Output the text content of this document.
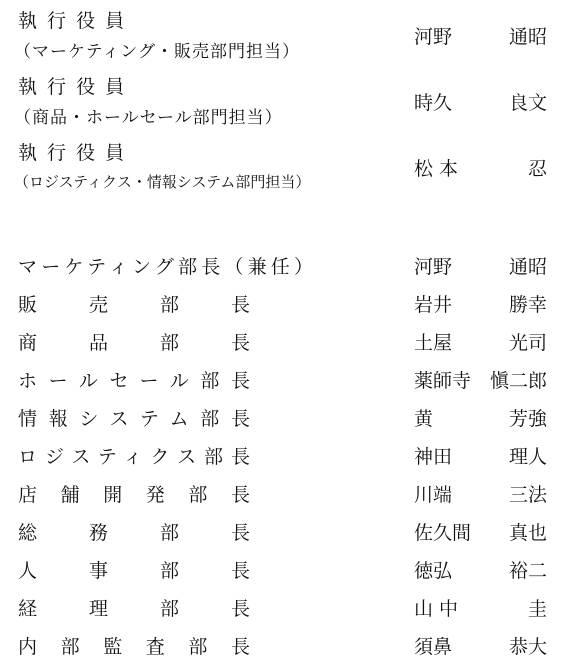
執 行 役 員
（マーケティング・販売部門担当）
河野	通昭
執 行 役 員
（商品・ホールセール部門担当）
時久	良文
執 行 役 員
（ロジスティクス・情報システム部門担当）
松 本	忍
マーケティング部長（兼任）	河野	通昭
販売部長	岩井	勝幸
商品部長	土屋	光司
ホールセール部長	薬師寺 愼二郎
情報システム部長	黄	芳強
ロジスティクス部長	神田	理人
店舗開発部長	川端	三法
総務部長	佐久間 真也
人事部長	徳弘	裕二
経理部長	山 中	圭
内部監査部長	須鼻	恭大
